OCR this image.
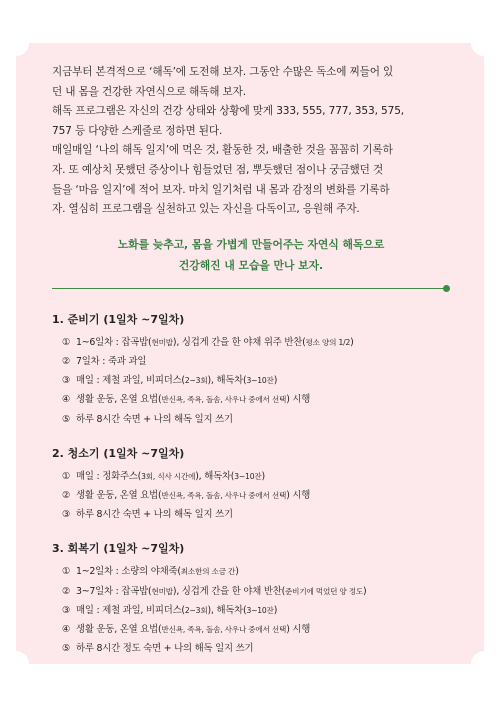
지금부터 본격적으로 ‘해독’에 도전해 보자. 그동안 수많은 독소에 찌들어 있

던 내 몸을 건강한 자연식으로 해독해 보자.

해독 프로그램은 자신의 건강 상태와 상황에 맞게 333, 555, 777, 353, 575,

757 등 다양한 스케줄로 정하면 된다.

매일매일 ‘나의 해독 일지’에 먹은 것, 활동한 것, 배출한 것을 꼼꼼히 기록하

자. 또 예상치 못했던 증상이나 힘들었던 점, 뿌듯했던 점이나 궁금했던 것

들을 ‘마음 일지’에 적어 보자. 마치 일기처럼 내 몸과 감정의 변화를 기록하

자. 열심히 프로그램을 실천하고 있는 자신을 다독이고, 응원해 주자.

노화를 늦추고, 몸을 가볍게 만들어주는 자연식 해독으로
건강해진 내 모습을 만나 보자.
1. 준비기 (1일차 ~7일차)
① 1~6일차 : 잡곡밥(현미밥), 싱겁게 간을 한 야채 위주 반찬(평소 양의 1/2)
② 7일차 : 죽과 과일
③ 매일 : 제철 과일, 비피더스(2~3회), 해독차(3~10잔)
④ 생활 운동, 온열 요법(반신욕, 족욕, 돌솜, 사우나 중에서 선택) 시행
⑤ 하루 8시간 숙면 + 나의 해독 일지 쓰기
2. 청소기 (1일차 ~7일차)
① 매일 : 정화주스(3회, 식사 시간에), 해독차(3~10잔)
② 생활 운동, 온열 요법(반신욕, 족욕, 돌솜, 사우나 중에서 선택) 시행
③ 하루 8시간 숙면 + 나의 해독 일지 쓰기
3. 회복기 (1일차 ~7일차)
① 1~2일차 : 소량의 야채죽(최소한의 소금 간)
② 3~7일차 : 잡곡밥(현미밥), 싱겁게 간을 한 야채 반찬(준비기에 먹었던 양 정도)
③ 매일 : 제철 과일, 비피더스(2~3회), 해독차(3~10잔)
④ 생활 운동, 온열 요법(반신욕, 족욕, 돌솜, 사우나 중에서 선택) 시행
⑤ 하루 8시간 정도 숙면 + 나의 해독 일지 쓰기
